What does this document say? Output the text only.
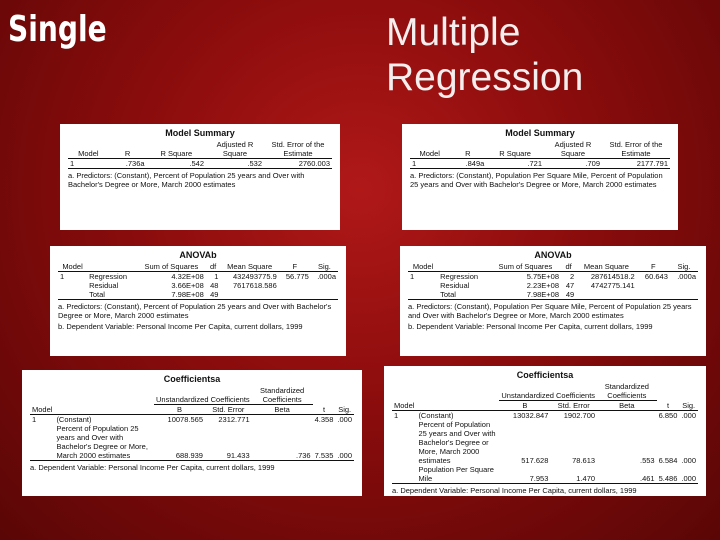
Single	Multiple
Regression
Model Summary
Model	R	R Square	Adjusted R Square	Std. Error of the Estimate
1	.736a	.542	.532	2760.003
a. Predictors: (Constant), Percent of Population 25 years and Over with Bachelor's Degree or More, March 2000 estimates
ANOVAb
Model		Sum of Squares	df	Mean Square	F	Sig.
1	Regression	4.32E+08	1	432493775.9	56.775	.000a
	Residual	3.66E+08	48	7617618.586		
	Total	7.98E+08	49			
a. Predictors: (Constant), Percent of Population 25 years and Over with Bachelor's Degree or More, March 2000 estimates
b. Dependent Variable: Personal Income Per Capita, current dollars, 1999
Coefficientsa
		Unstandardized Coefficients		Standardized Coefficients		
Model		B	Std. Error	Beta	t	Sig.
1	(Constant)	10078.565	2312.771		4.358	.000
	Percent of Population 25 years and Over with Bachelor's Degree or More, March 2000 estimates	688.939	91.433	.736	7.535	.000
a. Dependent Variable: Personal Income Per Capita, current dollars, 1999
Model Summary
Model	R	R Square	Adjusted R Square	Std. Error of the Estimate
1	.849a	.721	.709	2177.791
a. Predictors: (Constant), Population Per Square Mile, Percent of Population 25 years and Over with Bachelor's Degree or More, March 2000 estimates
ANOVAb
Model		Sum of Squares	df	Mean Square	F	Sig.
1	Regression	5.75E+08	2	287614518.2	60.643	.000a
	Residual	2.23E+08	47	4742775.141		
	Total	7.98E+08	49			
a. Predictors: (Constant), Population Per Square Mile, Percent of Population 25 years and Over with Bachelor's Degree or More, March 2000 estimates
b. Dependent Variable: Personal Income Per Capita, current dollars, 1999
Coefficientsa
		Unstandardized Coefficients		Standardized Coefficients		
Model		B	Std. Error	Beta	t	Sig.
1	(Constant)	13032.847	1902.700		6.850	.000
	Percent of Population 25 years and Over with Bachelor's Degree or More, March 2000 estimates	517.628	78.613	.553	6.584	.000
	Population Per Square Mile	7.953	1.470	.461	5.486	.000
a. Dependent Variable: Personal Income Per Capita, current dollars, 1999
